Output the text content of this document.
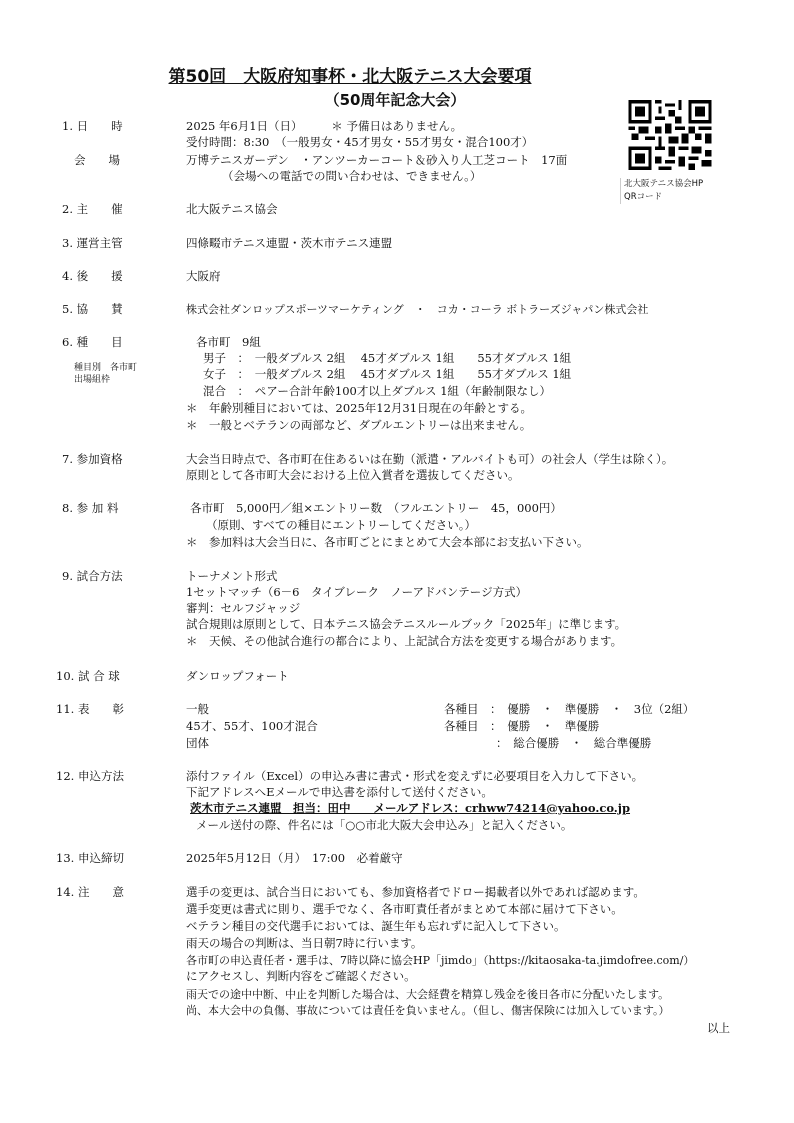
第50回　大阪府知事杯・北大阪テニス大会要項
（50周年記念大会）
北大阪テニス協会HP
QRコード
1. 日　　時	2025 年6月1日（日）　　　＊ 予備日はありません。
受付時間：8:30　（一般男女・45才男女・55才男女・混合100才）
会　　場	万博テニスガーデン　・アンツーカーコート＆砂入り人工芝コート　17面
（会場への電話での問い合わせは、できません。）
2. 主　　催	北大阪テニス協会
3. 運営主管	四條畷市テニス連盟・茨木市テニス連盟
4. 後　　援	大阪府
5. 協　　賛	株式会社ダンロップスポーツマーケティング　・　コカ・コーラ ボトラーズジャパン株式会社
6. 種　　目
種目別　各市町
出場組枠
各市町　9組
男子　：　一般ダブルス 2組　 45才ダブルス 1組　　55才ダブルス 1組
女子　：　一般ダブルス 2組　 45才ダブルス 1組　　55才ダブルス 1組
混合　：　ペアー合計年齢100才以上ダブルス 1組（年齢制限なし）
＊　年齢別種目においては、2025年12月31日現在の年齢とする。
＊　一般とベテランの両部など、ダブルエントリーは出来ません。
7. 参加資格	大会当日時点で、各市町在住あるいは在勤（派遣・アルバイトも可）の社会人（学生は除く）。
原則として各市町大会における上位入賞者を選抜してください。
8. 参 加 料	各市町　5,000円／組×エントリー数　（フルエントリー　45，000円）
（原則、すべての種目にエントリーしてください。）
＊　参加料は大会当日に、各市町ごとにまとめて大会本部にお支払い下さい。
9. 試合方法	トーナメント形式
1セットマッチ（6－6　タイブレーク　ノーアドバンテージ方式）
審判：セルフジャッジ
試合規則は原則として、日本テニス協会テニスルールブック「2025年」に準じます。
＊　天候、その他試合進行の都合により、上記試合方法を変更する場合があります。
10. 試 合 球	ダンロップフォート
11. 表　　彰	一般	各種目　：　優勝　・　準優勝　・　3位（2組）
45才、55才、100才混合	各種目　：　優勝　・　準優勝
団体	：　総合優勝　・　総合準優勝
12. 申込方法	添付ファイル（Excel）の申込み書に書式・形式を変えずに必要項目を入力して下さい。
下記アドレスへEメールで申込書を添付して送付ください。
茨木市テニス連盟　担当：田中　　メールアドレス：crhww74214@yahoo.co.jp
メール送付の際、件名には「○○市北大阪大会申込み」と記入ください。
13. 申込締切	2025年5月12日（月）　17:00　必着厳守
14. 注　　意	選手の変更は、試合当日においても、参加資格者でドロー掲載者以外であれば認めます。
選手変更は書式に則り、選手でなく、各市町責任者がまとめて本部に届けて下さい。
ベテラン種目の交代選手においては、誕生年も忘れずに記入して下さい。
雨天の場合の判断は、当日朝7時に行います。
各市町の申込責任者・選手は、7時以降に協会HP「jimdo」（https://kitaosaka-ta.jimdofree.com/）
にアクセスし、判断内容をご確認ください。
雨天での途中中断、中止を判断した場合は、大会経費を精算し残金を後日各市に分配いたします。
尚、本大会中の負傷、事故については責任を負いません。（但し、傷害保険には加入しています。）
以上
